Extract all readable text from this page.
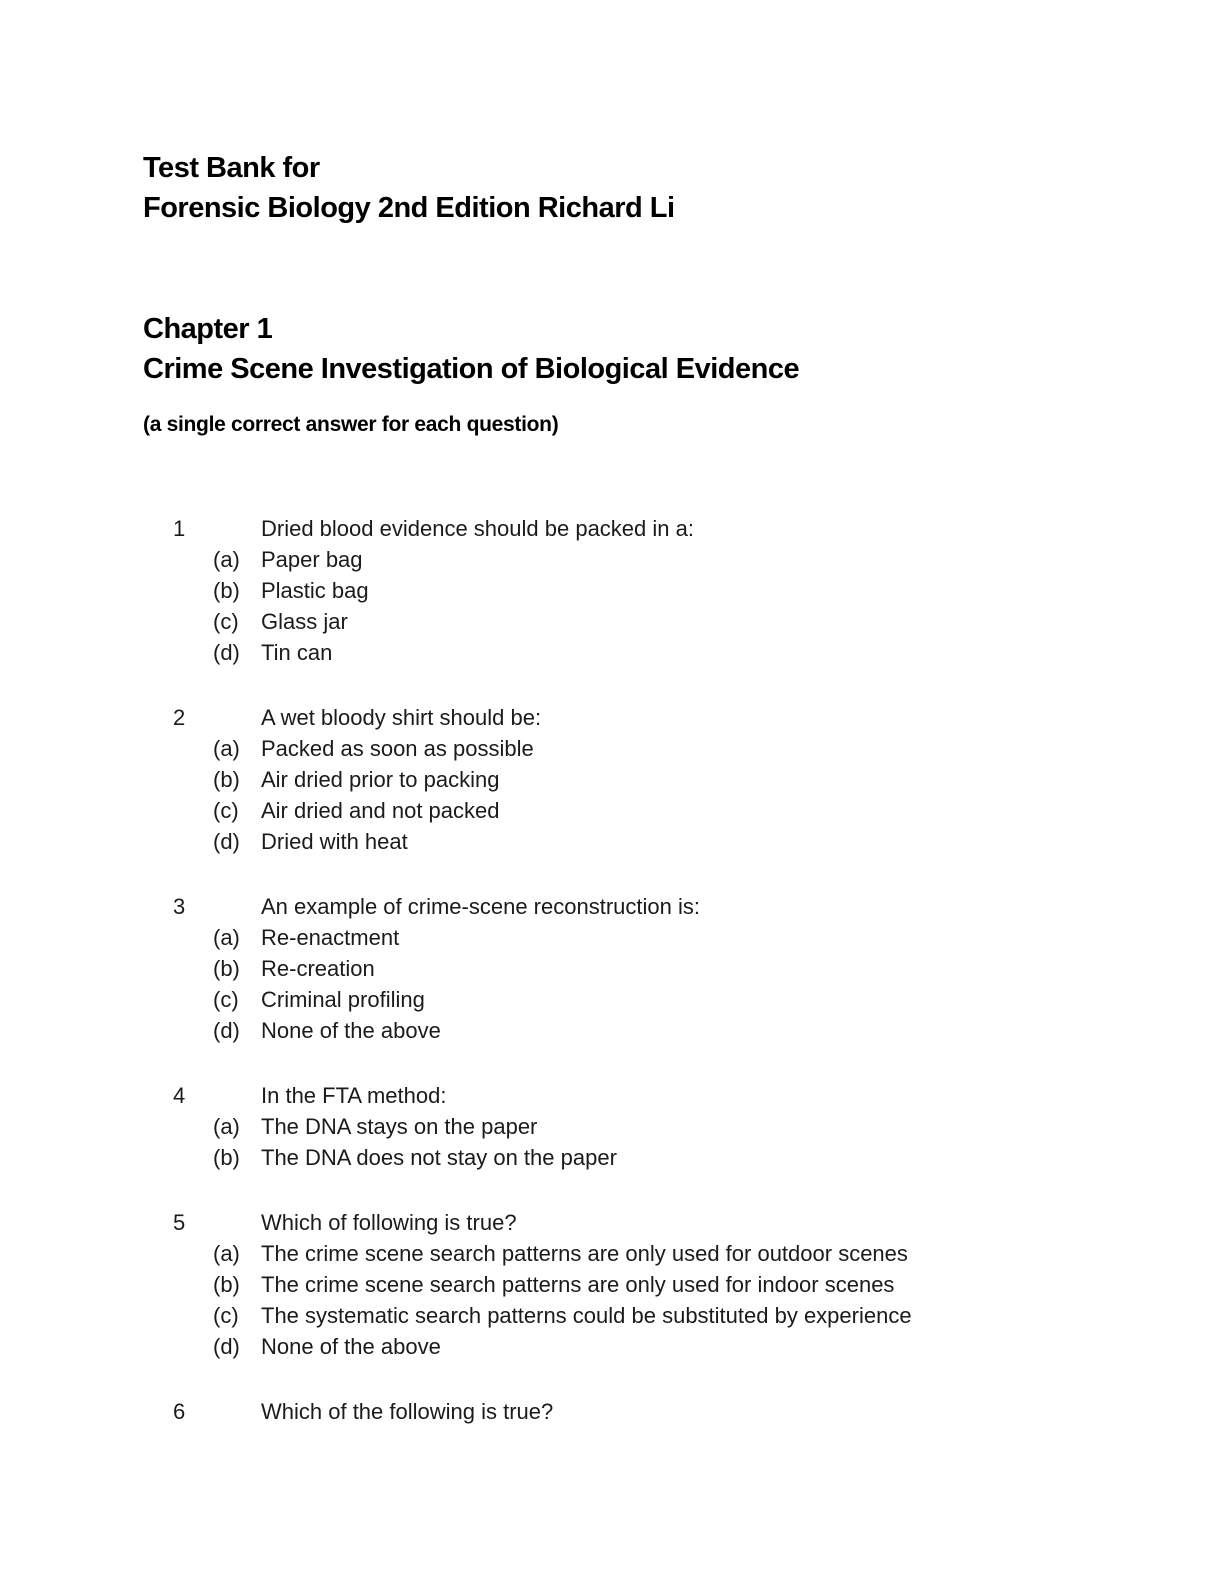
Test Bank for
Forensic Biology 2nd Edition Richard Li
Chapter 1
Crime Scene Investigation of Biological Evidence
(a single correct answer for each question)
1	Dried blood evidence should be packed in a:
(a) Paper bag
(b) Plastic bag
(c)	Glass jar
(d) Tin can
2	A wet bloody shirt should be:
(a) Packed as soon as possible
(b) Air dried prior to packing
(c)	Air dried and not packed
(d) Dried with heat
3	An example of crime-scene reconstruction is:
(a) Re-enactment
(b) Re-creation
(c)	Criminal profiling
(d) None of the above
4	In the FTA method:
(a) The DNA stays on the paper
(b) The DNA does not stay on the paper
5	Which of following is true?
(a) The crime scene search patterns are only used for outdoor scenes
(b) The crime scene search patterns are only used for indoor scenes
(c)	The systematic search patterns could be substituted by experience
(d) None of the above
6	Which of the following is true?
